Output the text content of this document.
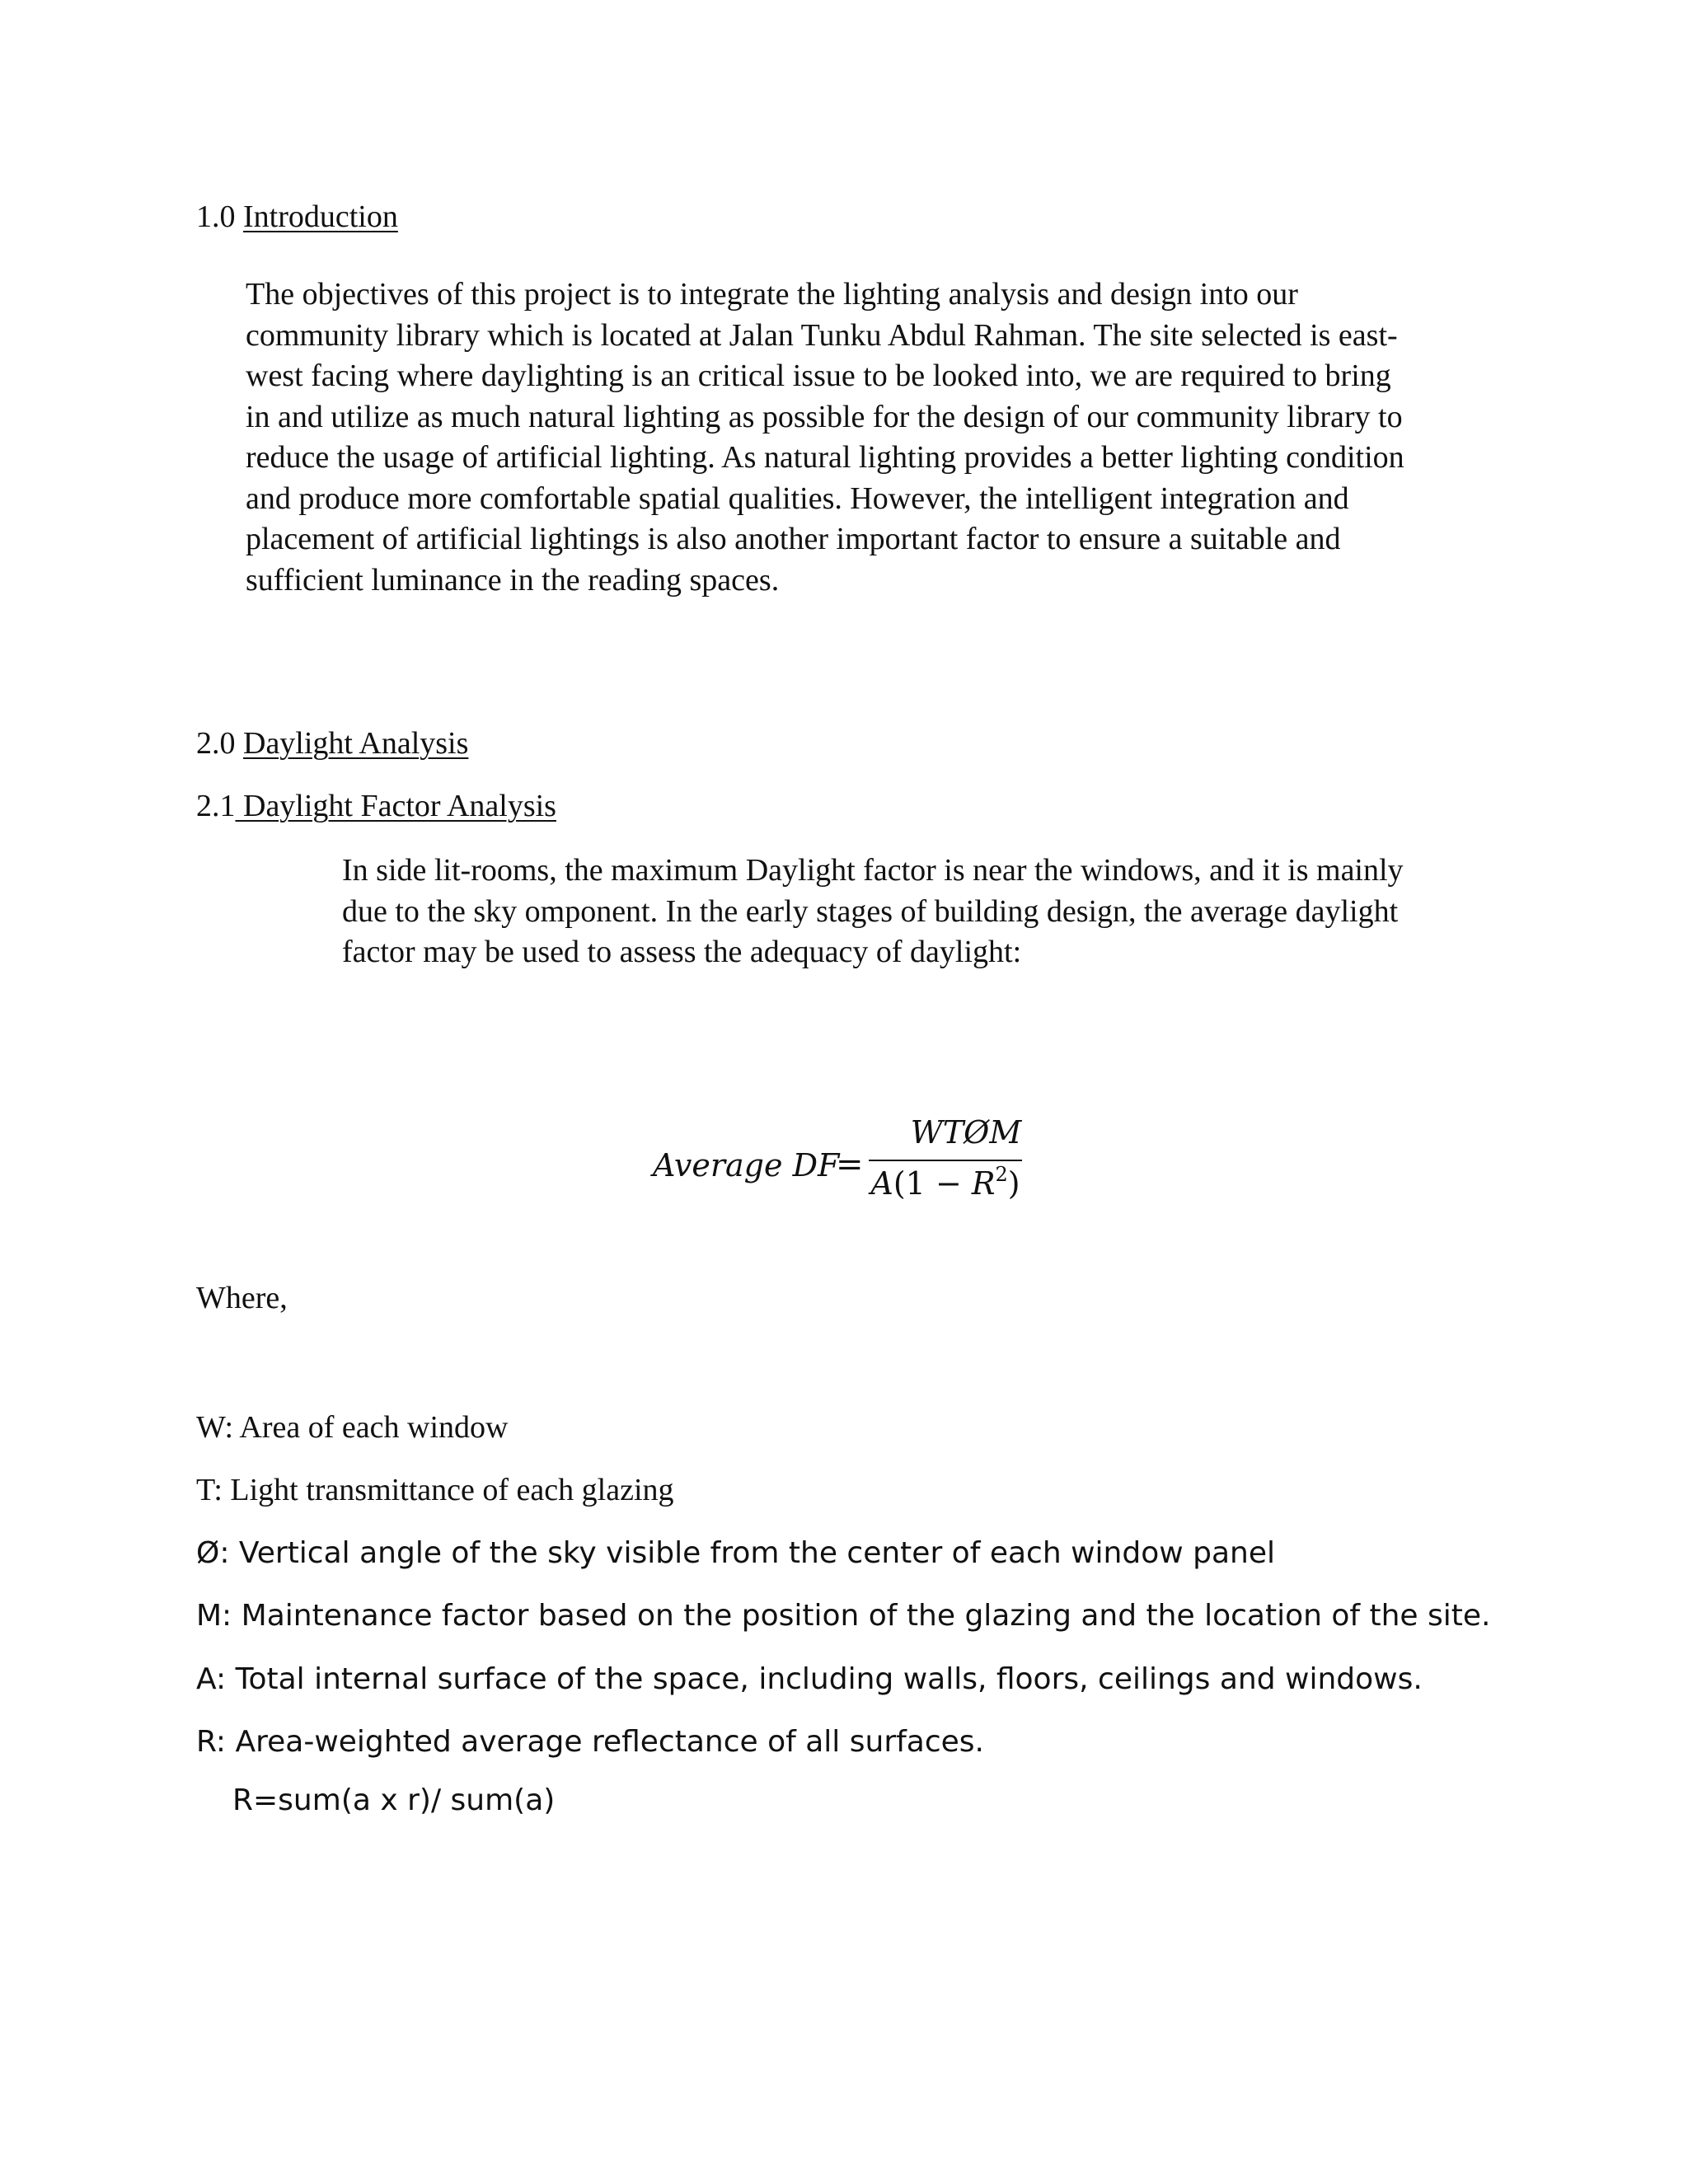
1.0 Introduction

The objectives of this project is to integrate the lighting analysis and design into our
community library which is located at Jalan Tunku Abdul Rahman. The site selected is east-
west facing where daylighting is an critical issue to be looked into, we are required to bring
in and utilize as much natural lighting as possible for the design of our community library to
reduce the usage of artificial lighting. As natural lighting provides a better lighting condition
and produce more comfortable spatial qualities. However, the intelligent integration and
placement of artificial lightings is also another important factor to ensure a suitable and
sufficient luminance in the reading spaces.

2.0 Daylight Analysis
2.1 Daylight Factor Analysis

In side lit-rooms, the maximum Daylight factor is near the windows, and it is mainly
due to the sky omponent. In the early stages of building design, the average daylight
factor may be used to assess the adequacy of daylight:

Average DF
=
WTØM
$A(1 - R^2)$
Where,
W: Area of each window
T: Light transmittance of each glazing
Ø: Vertical angle of the sky visible from the center of each window panel
M: Maintenance factor based on the position of the glazing and the location of the site.
A: Total internal surface of the space, including walls, floors, ceilings and windows.
R: Area-weighted average reflectance of all surfaces.
R=sum(a x r)/ sum(a)
